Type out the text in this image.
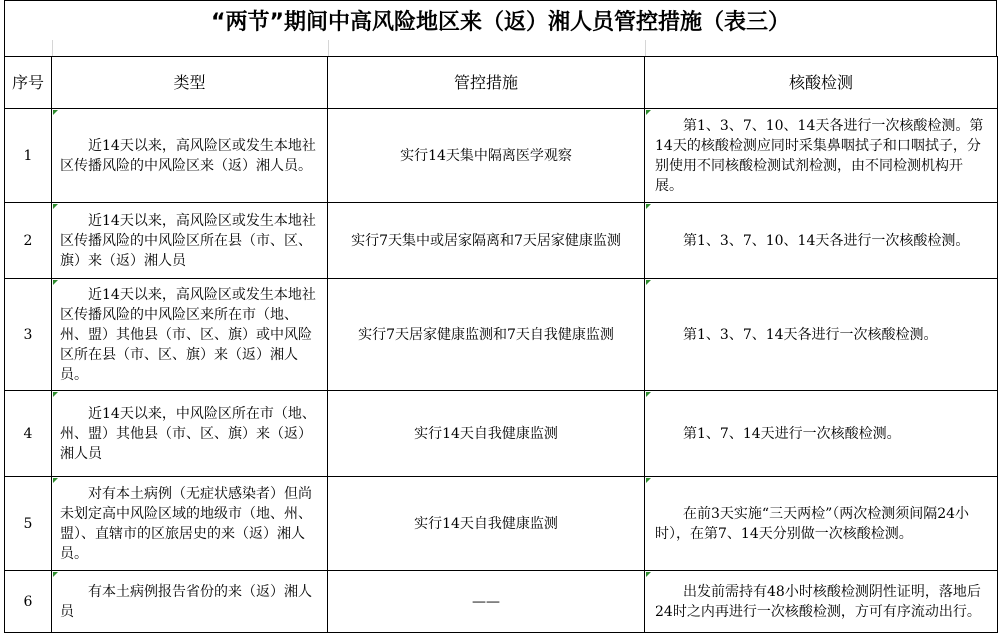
“两节”期间中高风险地区来（返）湘人员管控措施（表三）
序号	类型	管控措施	核酸检测
1	近14天以来，高风险区或发生本地社区传播风险的中风险区来（返）湘人员。	实行14天集中隔离医学观察	第1、3、7、10、14天各进行一次核酸检测。第14天的核酸检测应同时采集鼻咽拭子和口咽拭子，分别使用不同核酸检测试剂检测，由不同检测机构开展。
2	近14天以来，高风险区或发生本地社区传播风险的中风险区所在县（市、区、旗）来（返）湘人员	实行7天集中或居家隔离和7天居家健康监测	第1、3、7、10、14天各进行一次核酸检测。
3	近14天以来，高风险区或发生本地社区传播风险的中风险区来所在市（地、州、盟）其他县（市、区、旗）或中风险区所在县（市、区、旗）来（返）湘人员。	实行7天居家健康监测和7天自我健康监测	第1、3、7、14天各进行一次核酸检测。
4	近14天以来，中风险区所在市（地、州、盟）其他县（市、区、旗）来（返）湘人员	实行14天自我健康监测	第1、7、14天进行一次核酸检测。
5	对有本土病例（无症状感染者）但尚未划定高中风险区域的地级市（地、州、盟）、直辖市的区旅居史的来（返）湘人员。	实行14天自我健康监测	在前3天实施“三天两检”（两次检测须间隔24小时），在第7、14天分别做一次核酸检测。
6	有本土病例报告省份的来（返）湘人员	——	出发前需持有48小时核酸检测阴性证明，落地后24时之内再进行一次核酸检测，方可有序流动出行。
